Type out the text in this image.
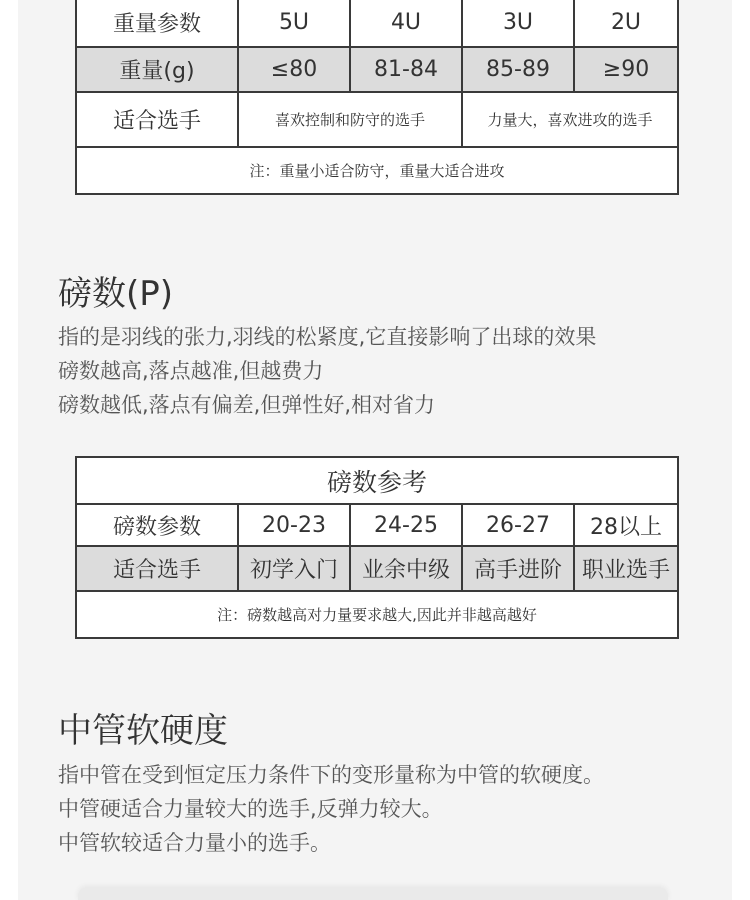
重量参数	5U	4U	3U	2U
重量(g)	≤80	81-84	85-89	≥90
适合选手	喜欢控制和防守的选手		力量大，喜欢进攻的选手	
注：重量小适合防守，重量大适合进攻				
磅数(P)
指的是羽线的张力,羽线的松紧度,它直接影响了出球的效果
磅数越高,落点越准,但越费力
磅数越低,落点有偏差,但弹性好,相对省力
磅数参考				
磅数参数	20-23	24-25	26-27	28以上
适合选手	初学入门	业余中级	高手进阶	职业选手
注：磅数越高对力量要求越大,因此并非越高越好				
中管软硬度
指中管在受到恒定压力条件下的变形量称为中管的软硬度。
中管硬适合力量较大的选手,反弹力较大。
中管软较适合力量小的选手。
